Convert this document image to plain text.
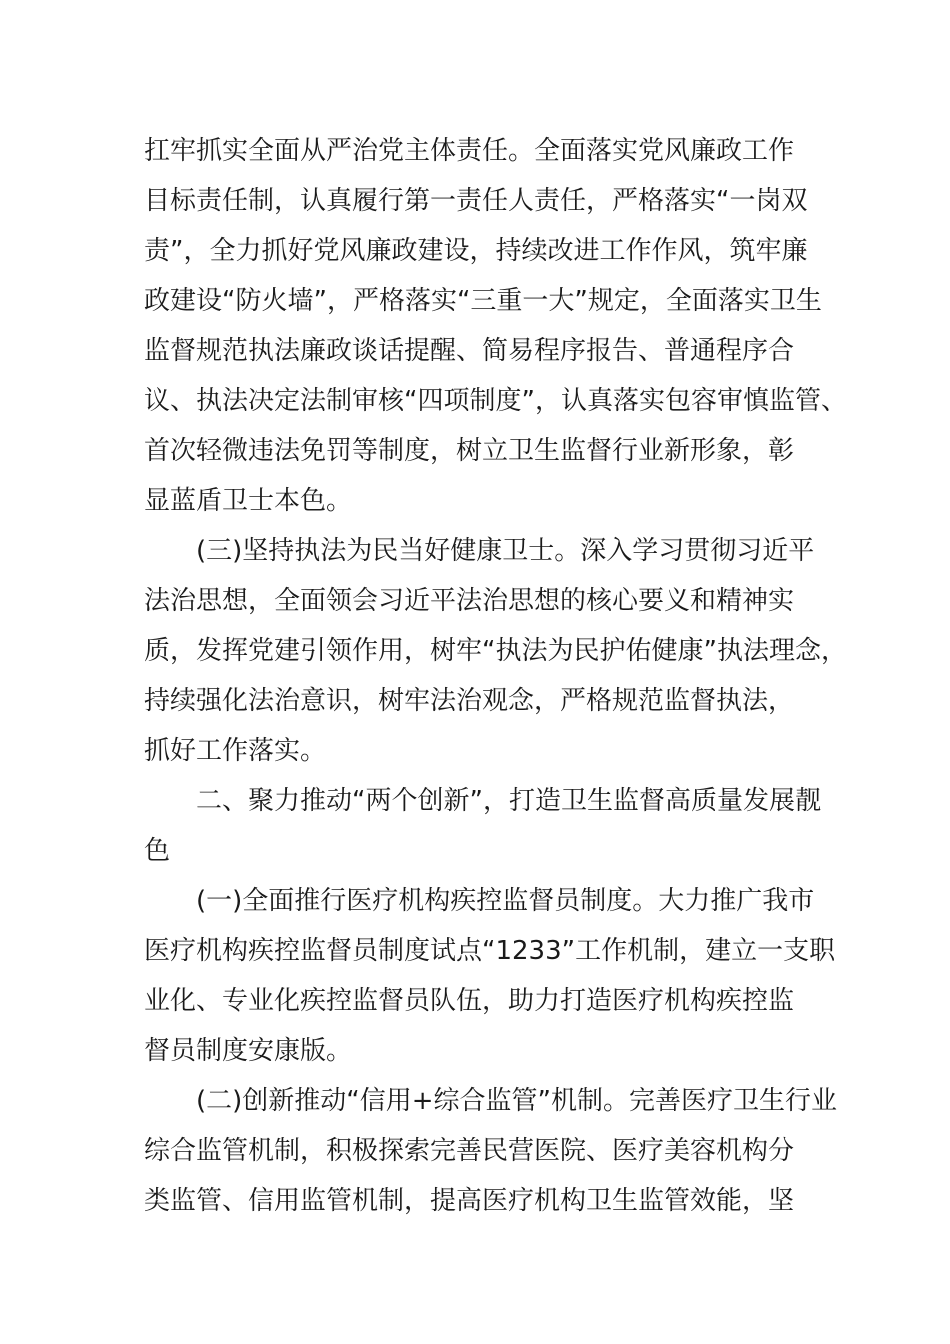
扛牢抓实全面从严治党主体责任。全面落实党风廉政工作
目标责任制，认真履行第一责任人责任，严格落实“一岗双
责”，全力抓好党风廉政建设，持续改进工作作风，筑牢廉
政建设“防火墙”，严格落实“三重一大”规定，全面落实卫生
监督规范执法廉政谈话提醒、简易程序报告、普通程序合
议、执法决定法制审核“四项制度”，认真落实包容审慎监管、
首次轻微违法免罚等制度，树立卫生监督行业新形象，彰
显蓝盾卫士本色。
(三)坚持执法为民当好健康卫士。深入学习贯彻习近平
法治思想，全面领会习近平法治思想的核心要义和精神实
质，发挥党建引领作用，树牢“执法为民护佑健康”执法理念，
持续强化法治意识，树牢法治观念，严格规范监督执法，
抓好工作落实。
二、聚力推动“两个创新”，打造卫生监督高质量发展靓
色
(一)全面推行医疗机构疾控监督员制度。大力推广我市
医疗机构疾控监督员制度试点“1233”工作机制，建立一支职
业化、专业化疾控监督员队伍，助力打造医疗机构疾控监
督员制度安康版。
(二)创新推动“信用+综合监管”机制。完善医疗卫生行业
综合监管机制，积极探索完善民营医院、医疗美容机构分
类监管、信用监管机制，提高医疗机构卫生监管效能，坚
